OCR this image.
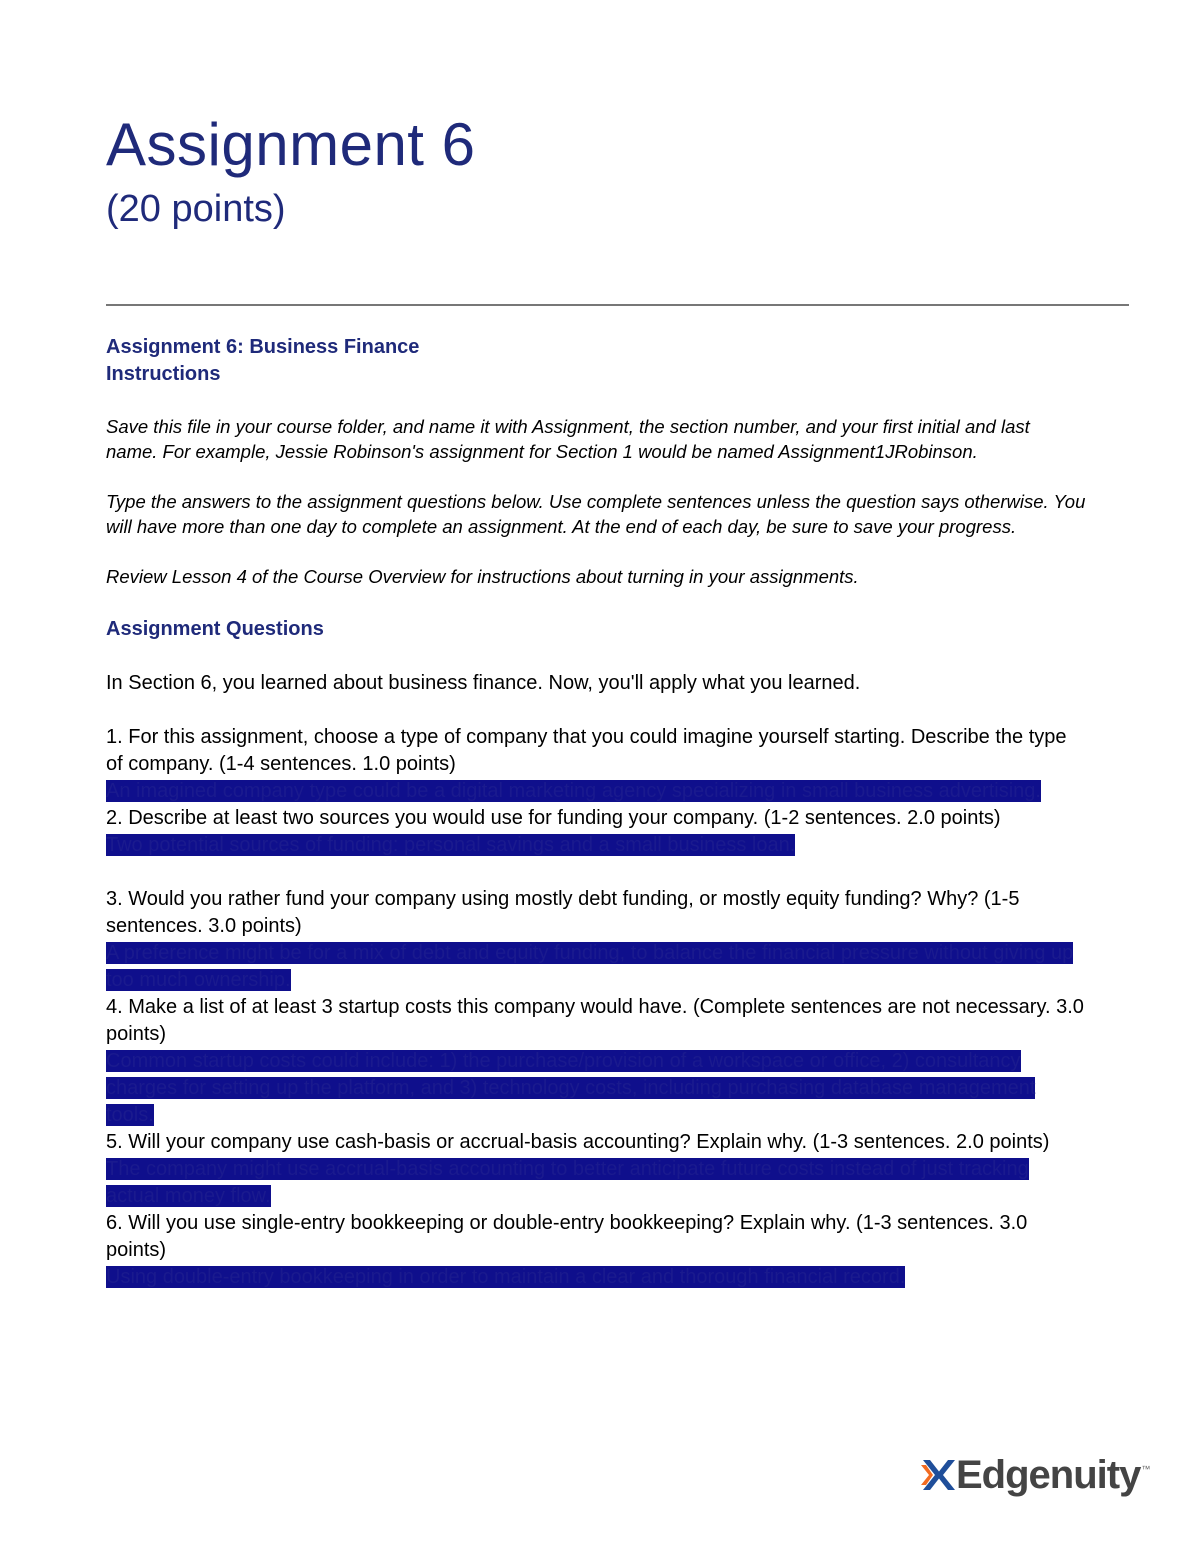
Assignment 6
(20 points)
Assignment 6: Business Finance
Instructions

Save this file in your course folder, and name it with Assignment, the section number, and your first initial and last name. For example, Jessie Robinson's assignment for Section 1 would be named Assignment1JRobinson.

Type the answers to the assignment questions below. Use complete sentences unless the question says otherwise. You will have more than one day to complete an assignment. At the end of each day, be sure to save your progress.

Review Lesson 4 of the Course Overview for instructions about turning in your assignments.

Assignment Questions
In Section 6, you learned about business finance. Now, you'll apply what you learned.
1. For this assignment, choose a type of company that you could imagine yourself starting. Describe the type of company. (1-4 sentences. 1.0 points)
An imagined company type could be a digital marketing agency specializing in small business advertising.
2. Describe at least two sources you would use for funding your company. (1-2 sentences. 2.0 points)
Two potential sources of funding: personal savings and a small business loan.
3. Would you rather fund your company using mostly debt funding, or mostly equity funding? Why? (1-5 sentences. 3.0 points)
A preference might be for a mix of debt and equity funding, to balance the financial pressure without giving up too much ownership.
4. Make a list of at least 3 startup costs this company would have. (Complete sentences are not necessary. 3.0 points)
Common startup costs could include: 1) the purchase/provision of a workspace or office, 2) consultancy charges for setting up the platform, and 3) technology costs, including purchasing database management tools.
5. Will your company use cash-basis or accrual-basis accounting? Explain why. (1-3 sentences. 2.0 points)
The company might use accrual-basis accounting to better anticipate future costs instead of just tracking actual money flow.
6. Will you use single-entry bookkeeping or double-entry bookkeeping? Explain why. (1-3 sentences. 3.0 points)
Using double-entry bookkeeping in order to maintain a clear and thorough financial record.
Edgenuity ™
